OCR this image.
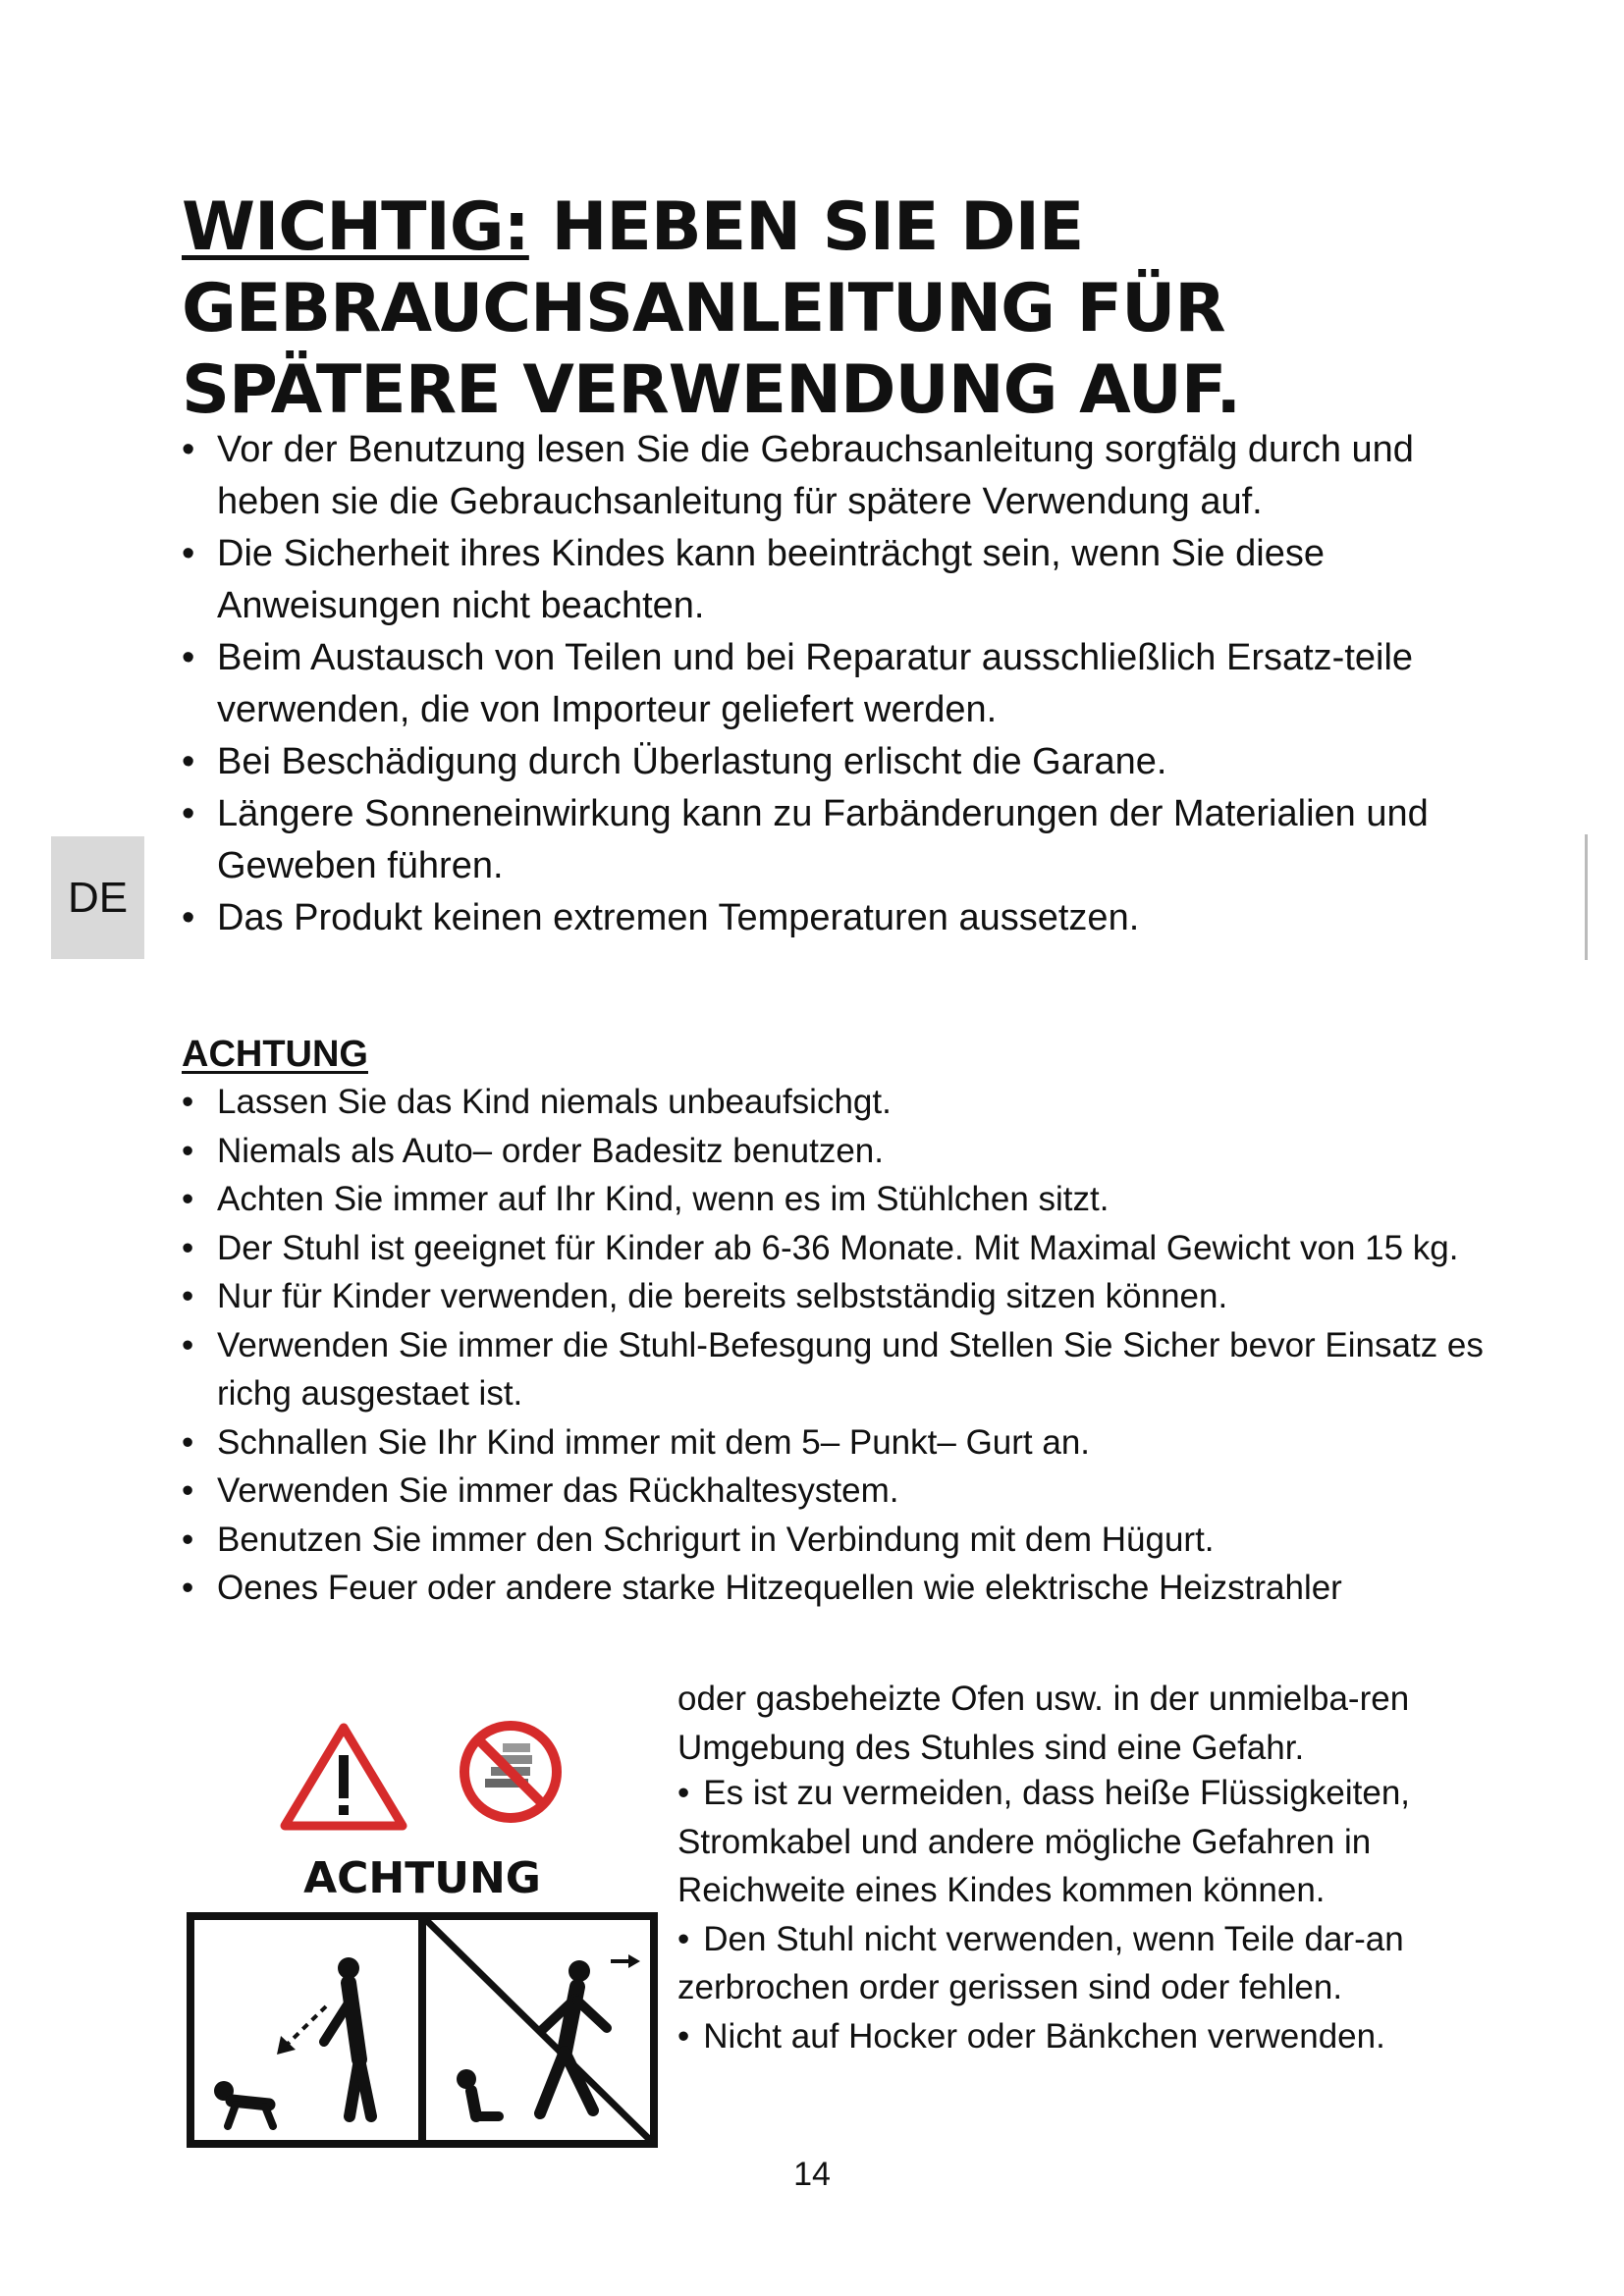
WICHTIG: HEBEN SIE DIE GEBRAUCHSANLEITUNG FÜR SPÄTERE VERWENDUNG AUF.
• Vor der Benutzung lesen Sie die Gebrauchsanleitung sorgfälg durch und heben sie die Gebrauchsanleitung für spätere Verwendung auf.
• Die Sicherheit ihres Kindes kann beeinträchgt sein, wenn Sie diese Anweisungen nicht beachten.
• Beim Austausch von Teilen und bei Reparatur ausschließlich Ersatz-teile verwenden, die von Importeur geliefert werden.
• Bei Beschädigung durch Überlastung erlischt die Garane.
• Längere Sonneneinwirkung kann zu Farbänderungen der Materialien und Geweben führen.
• Das Produkt keinen extremen Temperaturen aussetzen.
DE
ACHTUNG
• Lassen Sie das Kind niemals unbeaufsichgt.
• Niemals als Auto– order Badesitz benutzen.
• Achten Sie immer auf Ihr Kind, wenn es im Stühlchen sitzt.
• Der Stuhl ist geeignet für Kinder ab 6-36 Monate. Mit Maximal Gewicht von 15 kg.
• Nur für Kinder verwenden, die bereits selbstständig sitzen können.
• Verwenden Sie immer die Stuhl-Befesgung und Stellen Sie Sicher bevor Einsatz es richg ausgestaet ist.
• Schnallen Sie Ihr Kind immer mit dem 5– Punkt– Gurt an.
• Verwenden Sie immer das Rückhaltesystem.
• Benutzen Sie immer den Schrigurt in Verbindung mit dem Hügurt.
• Oenes Feuer oder andere starke Hitzequellen wie elektrische Heizstrahler

oder gasbeheizte Ofen usw. in der unmielba-ren Umgebung des Stuhles sind eine Gefahr.

• Es ist zu vermeiden, dass heiße Flüssigkeiten, Stromkabel und andere mögliche Gefahren in Reichweite eines Kindes kommen können.
• Den Stuhl nicht verwenden, wenn Teile dar-an zerbrochen order gerissen sind oder fehlen.
• Nicht auf Hocker oder Bänkchen verwenden.

ACHTUNG

14
